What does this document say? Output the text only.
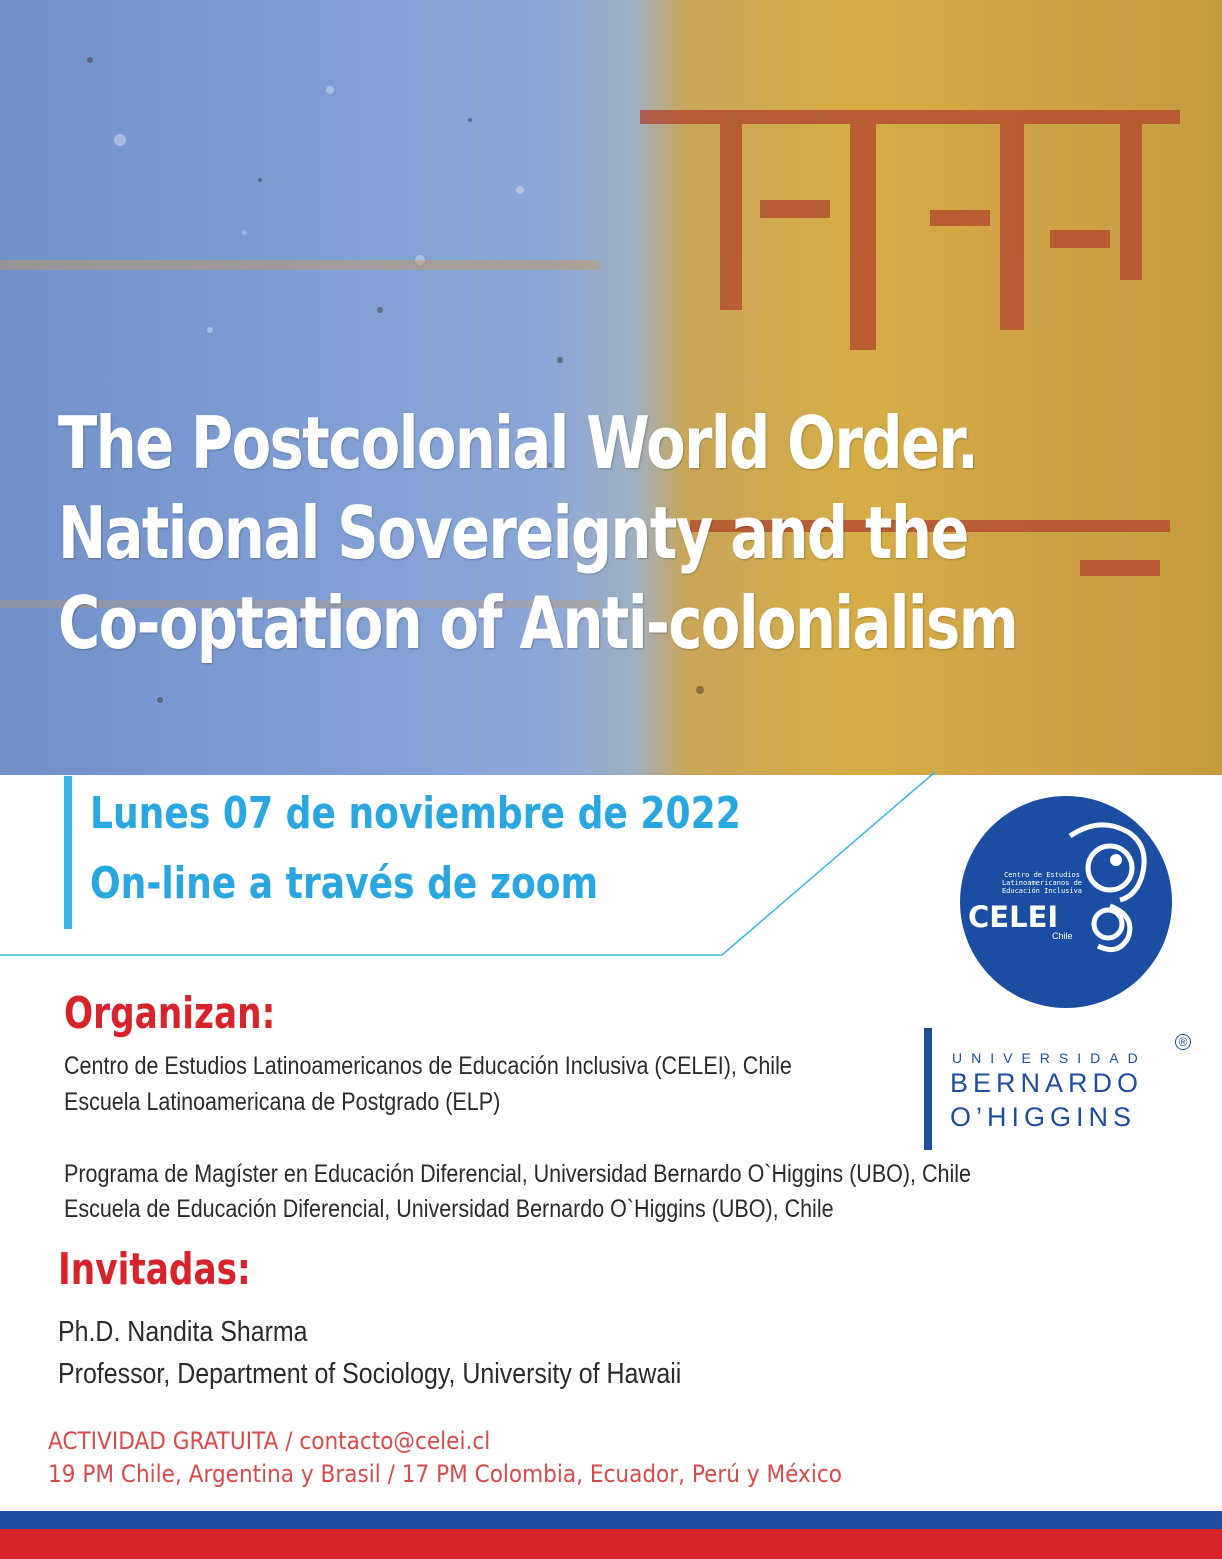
The Postcolonial World Order.
National Sovereignty and the
Co-optation of Anti-colonialism
Lunes 07 de noviembre de 2022
On-line a través de zoom	Centro de Estudios
Latinoamericanos de
Educación Inclusiva
CELEI
Chile
UNIVERSIDAD
BERNARDO
O’HIGGINS
®
Organizan:
Centro de Estudios Latinoamericanos de Educación Inclusiva (CELEI), Chile
Escuela Latinoamericana de Postgrado (ELP)
Programa de Magíster en Educación Diferencial, Universidad Bernardo O`Higgins (UBO), Chile
Escuela de Educación Diferencial, Universidad Bernardo O`Higgins (UBO), Chile
Invitadas:
Ph.D. Nandita Sharma
Professor, Department of Sociology, University of Hawaii
ACTIVIDAD GRATUITA / contacto@celei.cl
19 PM Chile, Argentina y Brasil / 17 PM Colombia, Ecuador, Perú y México
